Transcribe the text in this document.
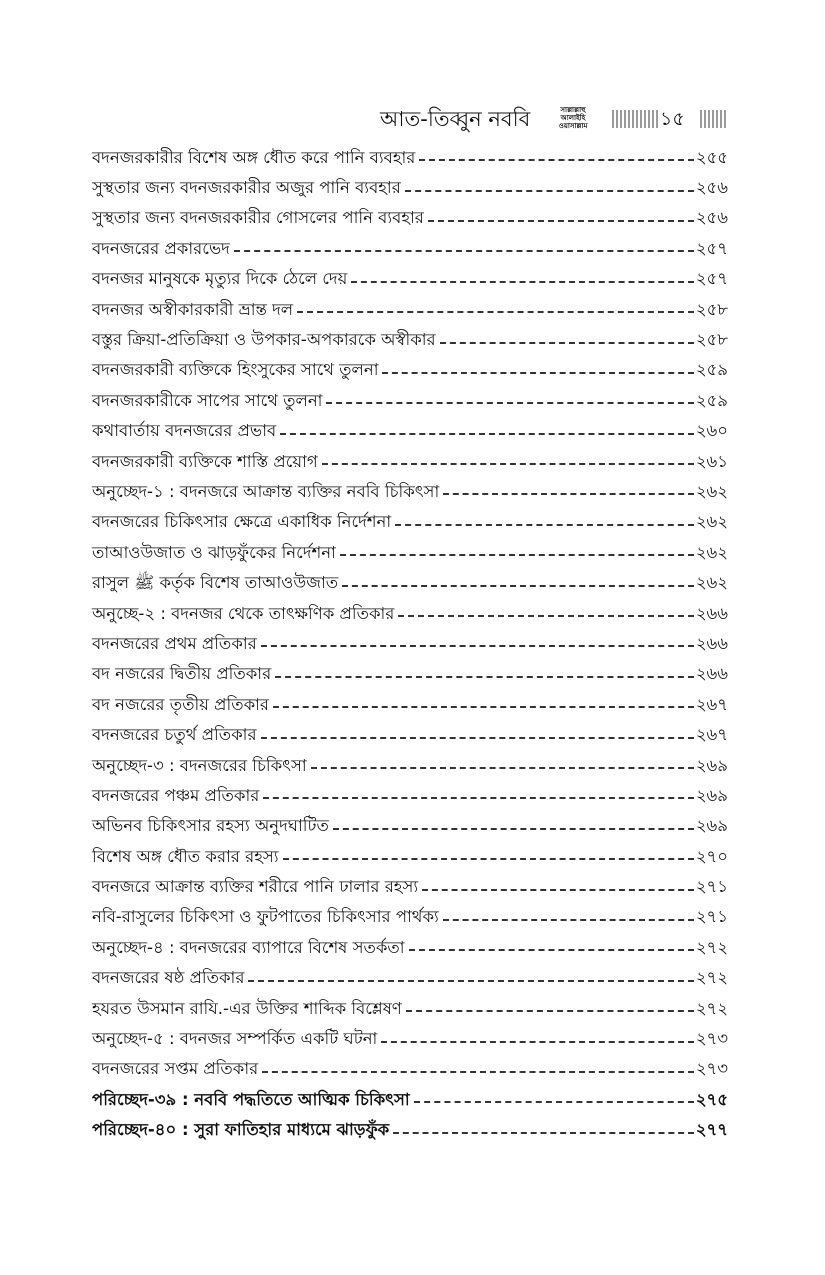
আত-তিব্বুন নববি	সাল্লাল্লাহু আলাইহি ওয়াসাল্লাম	১৫
বদনজরকারীর বিশেষ অঙ্গ ধৌত করে পানি ব্যবহার	২৫৫
সুস্থতার জন্য বদনজরকারীর অজুর পানি ব্যবহার	২৫৬
সুস্থতার জন্য বদনজরকারীর গোসলের পানি ব্যবহার	২৫৬
বদনজরের প্রকারভেদ	২৫৭
বদনজর মানুষকে মৃত্যুর দিকে ঠেলে দেয়	২৫৭
বদনজর অস্বীকারকারী ভ্রান্ত দল	২৫৮
বস্তুর ক্রিয়া-প্রতিক্রিয়া ও উপকার-অপকারকে অস্বীকার	২৫৮
বদনজরকারী ব্যক্তিকে হিংসুকের সাথে তুলনা	২৫৯
বদনজরকারীকে সাপের সাথে তুলনা	২৫৯
কথাবার্তায় বদনজরের প্রভাব	২৬০
বদনজরকারী ব্যক্তিকে শাস্তি প্রয়োগ	২৬১
অনুচ্ছেদ-১ : বদনজরে আক্রান্ত ব্যক্তির নববি চিকিৎসা	২৬২
বদনজরের চিকিৎসার ক্ষেত্রে একাধিক নির্দেশনা	২৬২
তাআওউজাত ও ঝাড়ফুঁকের নির্দেশনা	২৬২
রাসুল ﷺ কর্তৃক বিশেষ তাআওউজাত	২৬২
অনুচ্ছে-২ : বদনজর থেকে তাৎক্ষণিক প্রতিকার	২৬৬
বদনজরের প্রথম প্রতিকার	২৬৬
বদ নজরের দ্বিতীয় প্রতিকার	২৬৬
বদ নজরের তৃতীয় প্রতিকার	২৬৭
বদনজরের চতুর্থ প্রতিকার	২৬৭
অনুচ্ছেদ-৩ : বদনজরের চিকিৎসা	২৬৯
বদনজরের পঞ্চম প্রতিকার	২৬৯
অভিনব চিকিৎসার রহস্য অনুদঘাটিত	২৬৯
বিশেষ অঙ্গ ধৌত করার রহস্য	২৭০
বদনজরে আক্রান্ত ব্যক্তির শরীরে পানি ঢালার রহস্য	২৭১
নবি-রাসুলের চিকিৎসা ও ফুটপাতের চিকিৎসার পার্থক্য	২৭১
অনুচ্ছেদ-৪ : বদনজরের ব্যাপারে বিশেষ সতর্কতা	২৭২
বদনজরের ষষ্ঠ প্রতিকার	২৭২
হযরত উসমান রাযি.-এর উক্তির শাব্দিক বিশ্লেষণ	২৭২
অনুচ্ছেদ-৫ : বদনজর সম্পর্কিত একটি ঘটনা	২৭৩
বদনজরের সপ্তম প্রতিকার	২৭৩
পরিচ্ছেদ-৩৯ : নববি পদ্ধতিতে আত্মিক চিকিৎসা	২৭৫
পরিচ্ছেদ-৪০ : সুরা ফাতিহার মাধ্যমে ঝাড়ফুঁক	২৭৭
